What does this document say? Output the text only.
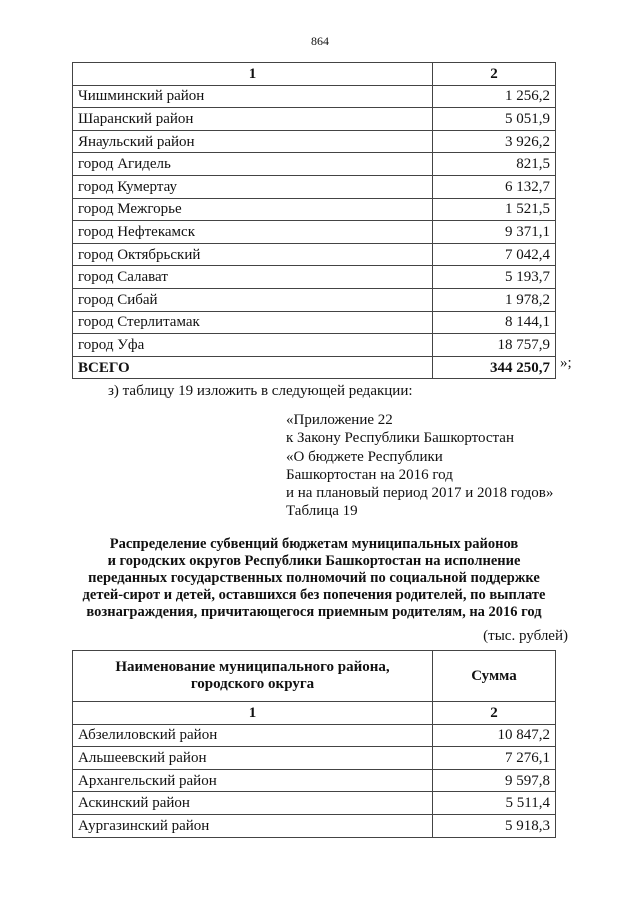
864
1	2
Чишминский район	1 256,2
Шаранский район	5 051,9
Янаульский район	3 926,2
город Агидель	821,5
город Кумертау	6 132,7
город Межгорье	1 521,5
город Нефтекамск	9 371,1
город Октябрьский	7 042,4
город Салават	5 193,7
город Сибай	1 978,2
город Стерлитамак	8 144,1
город Уфа	18 757,9
ВСЕГО	344 250,7 »;
з) таблицу 19 изложить в следующей редакции:
«Приложение 22
к Закону Республики Башкортостан
«О бюджете Республики
Башкортостан на 2016 год
и на плановый период 2017 и 2018 годов»
Таблица 19
Распределение субвенций бюджетам муниципальных районов
и городских округов Республики Башкортостан на исполнение
переданных государственных полномочий по социальной поддержке
детей-сирот и детей, оставшихся без попечения родителей, по выплате
вознаграждения, причитающегося приемным родителям, на 2016 год
(тыс. рублей)
Наименование муниципального района, городского округа	Сумма
1	2
Абзелиловский район	10 847,2
Альшеевский район	7 276,1
Архангельский район	9 597,8
Аскинский район	5 511,4
Аургазинский район	5 918,3
